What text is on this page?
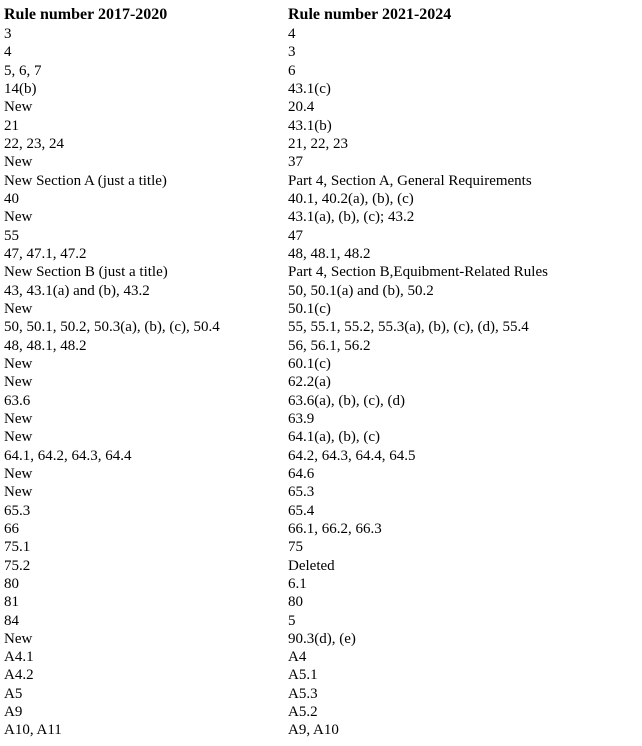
Rule number 2017-2020	Rule number 2021-2024
3	4
4	3
5, 6, 7	6
14(b)	43.1(c)
New	20.4
21	43.1(b)
22, 23, 24	21, 22, 23
New	37
New Section A (just a title)	Part 4, Section A, General Requirements
40	40.1, 40.2(a), (b), (c)
New	43.1(a), (b), (c); 43.2
55	47
47, 47.1, 47.2	48, 48.1, 48.2
New Section B (just a title)	Part 4, Section B,Equibment-Related Rules
43, 43.1(a) and (b), 43.2	50, 50.1(a) and (b), 50.2
New	50.1(c)
50, 50.1, 50.2, 50.3(a), (b), (c), 50.4	55, 55.1, 55.2, 55.3(a), (b), (c), (d), 55.4
48, 48.1, 48.2	56, 56.1, 56.2
New	60.1(c)
New	62.2(a)
63.6	63.6(a), (b), (c), (d)
New	63.9
New	64.1(a), (b), (c)
64.1, 64.2, 64.3, 64.4	64.2, 64.3, 64.4, 64.5
New	64.6
New	65.3
65.3	65.4
66	66.1, 66.2, 66.3
75.1	75
75.2	Deleted
80	6.1
81	80
84	5
New	90.3(d), (e)
A4.1	A4
A4.2	A5.1
A5	A5.3
A9	A5.2
A10, A11	A9, A10
